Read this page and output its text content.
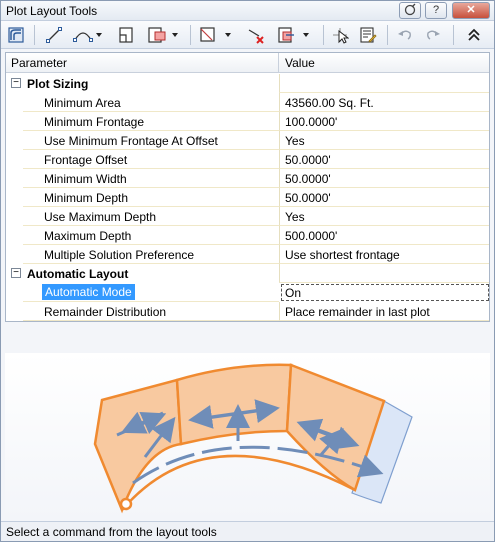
Plot Layout Tools	?	✕
Parameter	Value
− Plot Sizing
Minimum Area	43560.00 Sq. Ft.
Minimum Frontage	100.0000'
Use Minimum Frontage At Offset	Yes
Frontage Offset	50.0000'
Minimum Width	50.0000'
Minimum Depth	50.0000'
Use Maximum Depth	Yes
Maximum Depth	500.0000'
Multiple Solution Preference	Use shortest frontage
− Automatic Layout
Automatic Mode	On
Remainder Distribution	Place remainder in last plot
Select a command from the layout tools
